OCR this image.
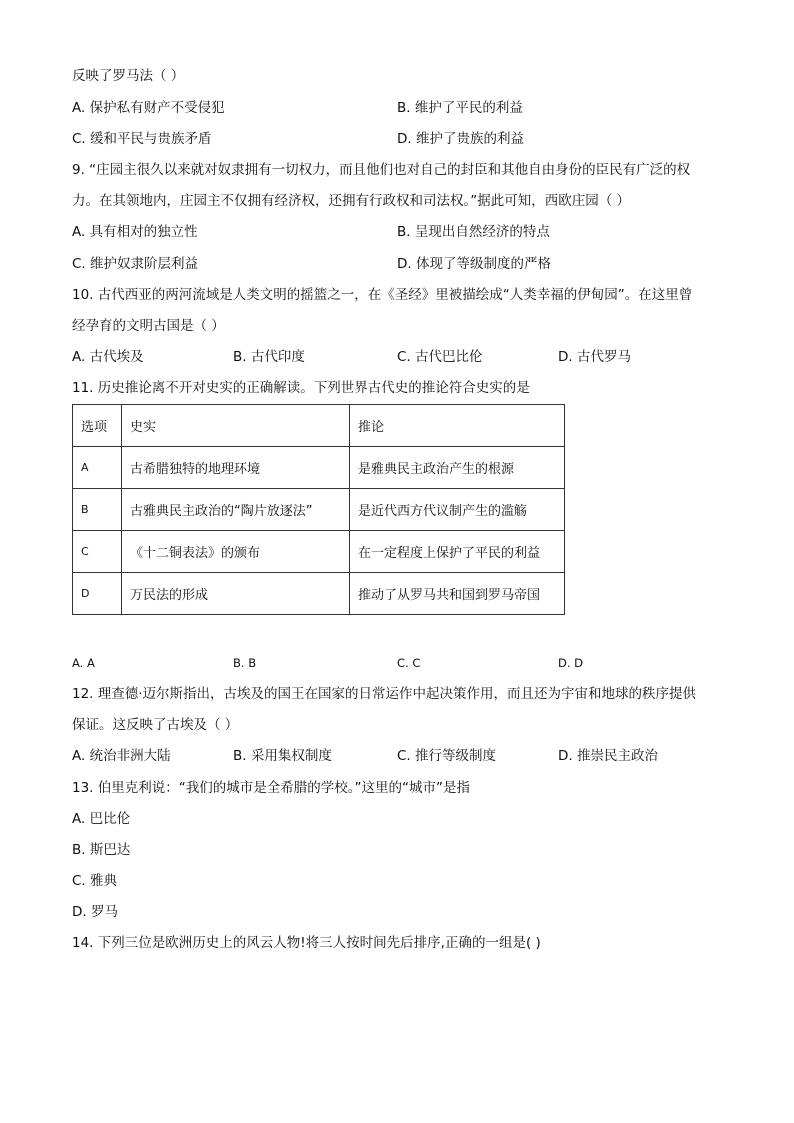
反映了罗马法（ ）
A. 保护私有财产不受侵犯	B. 维护了平民的利益
C. 缓和平民与贵族矛盾	D. 维护了贵族的利益
9. “庄园主很久以来就对奴隶拥有一切权力，而且他们也对自己的封臣和其他自由身份的臣民有广泛的权
力。在其领地内，庄园主不仅拥有经济权，还拥有行政权和司法权。”据此可知，西欧庄园（ ）
A. 具有相对的独立性	B. 呈现出自然经济的特点
C. 维护奴隶阶层利益	D. 体现了等级制度的严格
10. 古代西亚的两河流域是人类文明的摇篮之一，在《圣经》里被描绘成“人类幸福的伊甸园”。在这里曾
经孕育的文明古国是（ ）
A. 古代埃及	B. 古代印度	C. 古代巴比伦	D. 古代罗马
11. 历史推论离不开对史实的正确解读。下列世界古代史的推论符合史实的是
选项	史实	推论
A	古希腊独特的地理环境	是雅典民主政治产生的根源
B	古雅典民主政治的“陶片放逐法”	是近代西方代议制产生的滥觞
C	《十二铜表法》的颁布	在一定程度上保护了平民的利益
D	万民法的形成	推动了从罗马共和国到罗马帝国
A. A	B. B	C. C	D. D
12. 理查德·迈尔斯指出，古埃及的国王在国家的日常运作中起决策作用，而且还为宇宙和地球的秩序提供
保证。这反映了古埃及（ ）
A. 统治非洲大陆	B. 采用集权制度	C. 推行等级制度	D. 推崇民主政治
13. 伯里克利说：“我们的城市是全希腊的学校。”这里的“城市”是指
A. 巴比伦
B. 斯巴达
C. 雅典
D. 罗马
14. 下列三位是欧洲历史上的风云人物!将三人按时间先后排序,正确的一组是( )
